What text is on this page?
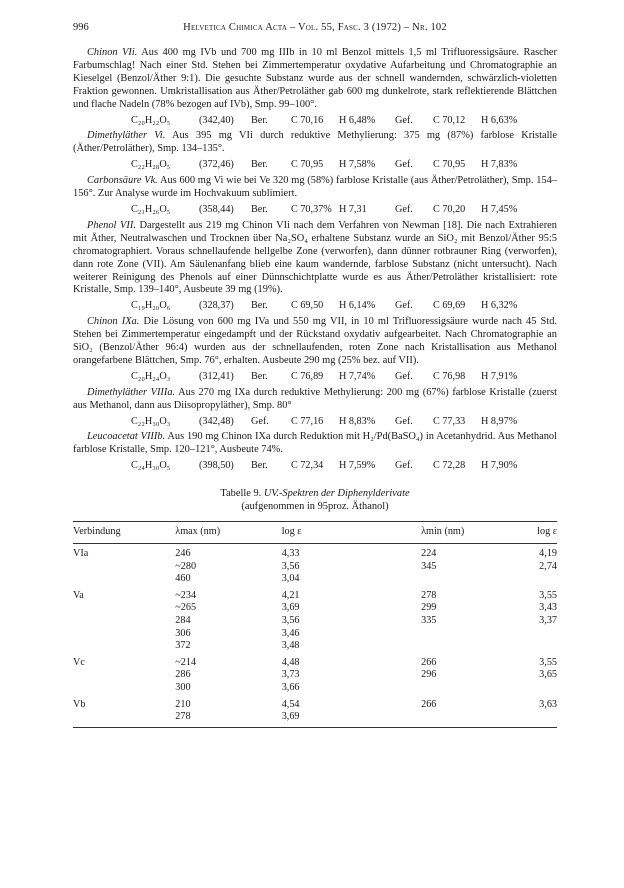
996	Helvetica Chimica Acta – Vol. 55, Fasc. 3 (1972) – Nr. 102

Chinon VIi. Aus 400 mg IVb und 700 mg IIIb in 10 ml Benzol mittels 1,5 ml Trifluoressigsäure. Rascher Farbumschlag! Nach einer Std. Stehen bei Zimmertemperatur oxydative Aufarbeitung und Chromatographie an Kieselgel (Benzol/Äther 9:1). Die gesuchte Substanz wurde aus der schnell wandernden, schwärzlich-violetten Fraktion gewonnen. Umkristallisation aus Äther/Petroläther gab 600 mg dunkelrote, stark reflektierende Blättchen und flache Nadeln (78% bezogen auf IVb), Smp. 99–100°.

C₂₀H₂₂O₅	(342,40) Ber. C 70,16 H 6,48% Gef. C 70,12 H 6,63%

Dimethyläther Vi. Aus 395 mg VIi durch reduktive Methylierung: 375 mg (87%) farblose Kristalle (Äther/Petroläther), Smp. 134–135°.

C₂₂H₂₈O₅	(372,46) Ber. C 70,95 H 7,58% Gef. C 70,95 H 7,83%

Carbonsäure Vk. Aus 600 mg Vi wie bei Ve 320 mg (58%) farblose Kristalle (aus Äther/Petroläther), Smp. 154–156°. Zur Analyse wurde im Hochvakuum sublimiert.

C₂₁H₂₆O₅	(358,44) Ber. C 70,37% H 7,31	Gef. C 70,20 H 7,45%

Phenol VII. Dargestellt aus 219 mg Chinon VIi nach dem Verfahren von Newman [18]. Die nach Extrahieren mit Äther, Neutralwaschen und Trocknen über Na₂SO₄ erhaltene Substanz wurde an SiO₂ mit Benzol/Äther 95:5 chromatographiert. Voraus schnellaufende hellgelbe Zone (verworfen), dann dünner rotbrauner Ring (verworfen), dann rote Zone (VII). Am Säulenanfang blieb eine kaum wandernde, farblose Substanz (nicht untersucht). Nach weiterer Reinigung des Phenols auf einer Dünnschichtplatte wurde es aus Äther/Petroläther kristallisiert: rote Kristalle, Smp. 139–140°, Ausbeute 39 mg (19%).

C₁₉H₂₀O₆	(328,37) Ber. C 69,50 H 6,14% Gef. C 69,69 H 6,32%

Chinon IXa. Die Lösung von 600 mg IVa und 550 mg VII, in 10 ml Trifluoressigsäure wurde nach 45 Std. Stehen bei Zimmertemperatur eingedampft und der Rückstand oxydativ aufgearbeitet. Nach Chromatographie an SiO₂ (Benzol/Äther 96:4) wurden aus der schnellaufenden, roten Zone nach Kristallisation aus Methanol orangefarbene Blättchen, Smp. 76°, erhalten. Ausbeute 290 mg (25% bez. auf VII).

C₂₀H₂₄O₃	(312,41) Ber. C 76,89 H 7,74% Gef. C 76,98 H 7,91%

Dimethyläther VIIIa. Aus 270 mg IXa durch reduktive Methylierung: 200 mg (67%) farblose Kristalle (zuerst aus Methanol, dann aus Diisopropyläther), Smp. 80°

C₂₂H₃₀O₃	(342,48) Gef. C 77,16 H 8,83% Gef. C 77,33 H 8,97%

Leucoacetat VIIIb. Aus 190 mg Chinon IXa durch Reduktion mit H₂/Pd(BaSO₄) in Acetanhydrid. Aus Methanol farblose Kristalle, Smp. 120–121°, Ausbeute 74%.

C₂₄H₃₀O₅	(398,50) Ber. C 72,34 H 7,59% Gef. C 72,28 H 7,90%
Tabelle 9. UV.-Spektren der Diphenylderivate
(aufgenommen in 95proz. Äthanol)
Verbindung	λmax (nm)	log ε	λmin (nm)	log ε
VIa	246	4,33	224	4,19
	~280	3,56	345	2,74
	460	3,04		
Va	~234	4,21	278	3,55
	~265	3,69	299	3,43
	284	3,56	335	3,37
	306	3,46		
	372	3,48		
Vc	~214	4,48	266	3,55
	286	3,73	296	3,65
	300	3,66		
Vb	210	4,54	266	3,63
	278	3,69		
